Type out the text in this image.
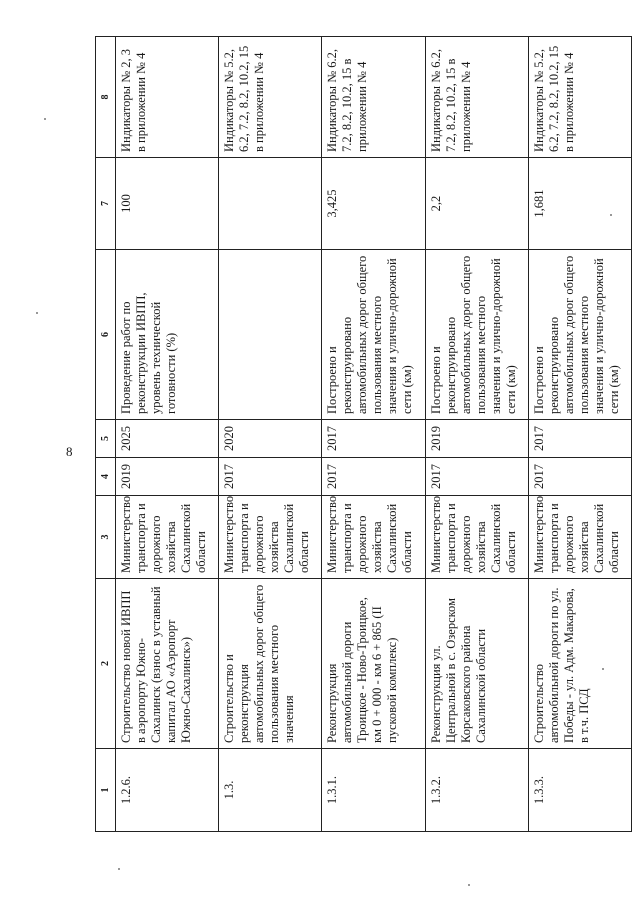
8
1	2	3	4	5	6	7	8
1.2.6.	Строительство новой ИВПП в аэропорту Южно-Сахалинск (взнос в уставный капитал АО «Аэропорт Южно-Сахалинск»)	Министерство транспорта и дорожного хозяйства Сахалинской области	2019	2025	Проведение работ по реконструкции ИВПП, уровень технической готовности (%)	100	Индикаторы № 2, 3 в приложении № 4
1.3.	Строительство и реконструкция автомобильных дорог общего пользования местного значения	Министерство транспорта и дорожного хозяйства Сахалинской области	2017	2020			Индикаторы № 5.2, 6.2, 7.2, 8.2, 10.2, 15 в приложении № 4
1.3.1.	Реконструкция автомобильной дороги Троицкое - Ново-Троицкое, км 0 + 000 - км 6 + 865 (II пусковой комплекс)	Министерство транспорта и дорожного хозяйства Сахалинской области	2017	2017	Построено и реконструировано автомобильных дорог общего пользования местного значения и улично-дорожной сети (км)	3,425	Индикаторы № 6.2, 7.2, 8.2, 10.2, 15 в приложении № 4
1.3.2.	Реконструкция ул. Центральной в с. Озерском Корсаковского района Сахалинской области	Министерство транспорта и дорожного хозяйства Сахалинской области	2017	2019	Построено и реконструировано автомобильных дорог общего пользования местного значения и улично-дорожной сети (км)	2,2	Индикаторы № 6.2, 7.2, 8.2, 10.2, 15 в приложении № 4
1.3.3.	Строительство автомобильной дороги по ул. Победы - ул. Адм. Макарова, в т.ч. ПСД	Министерство транспорта и дорожного хозяйства Сахалинской области	2017	2017	Построено и реконструировано автомобильных дорог общего пользования местного значения и улично-дорожной сети (км)	1,681	Индикаторы № 5.2, 6.2, 7.2, 8.2, 10.2, 15 в приложении № 4
